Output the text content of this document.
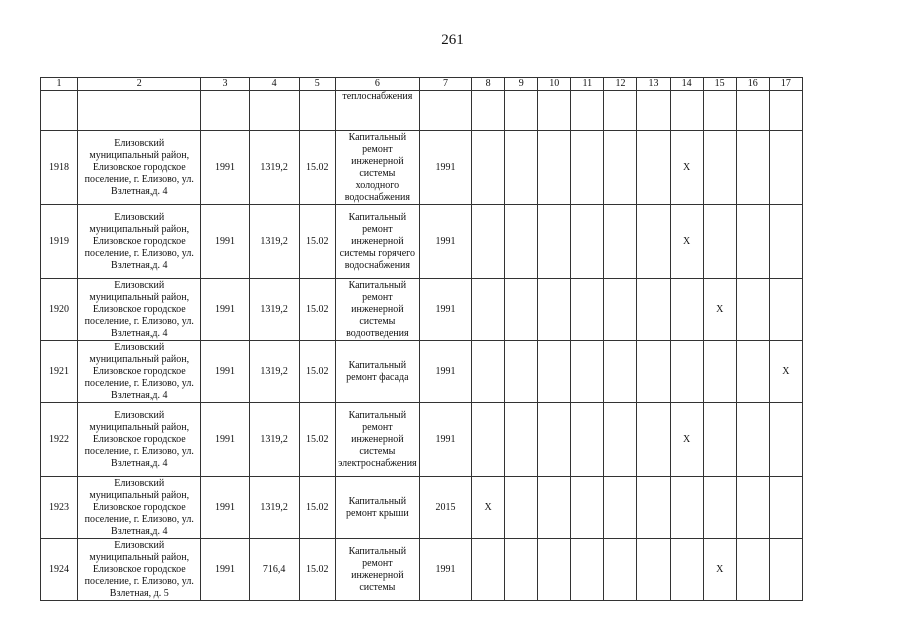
261
1	2	3	4	5	6	7	8	9	10	11	12	13	14	15	16	17
					теплоснабжения											
1918	Елизовский муниципальный район, Елизовское городское поселение, г. Елизово, ул. Взлетная,д. 4	1991	1319,2	15.02	Капитальный ремонт инженерной системы холодного водоснабжения	1991							Х			
1919	Елизовский муниципальный район, Елизовское городское поселение, г. Елизово, ул. Взлетная,д. 4	1991	1319,2	15.02	Капитальный ремонт инженерной системы горячего водоснабжения	1991							Х			
1920	Елизовский муниципальный район, Елизовское городское поселение, г. Елизово, ул. Взлетная,д. 4	1991	1319,2	15.02	Капитальный ремонт инженерной системы водоотведения	1991								Х		
1921	Елизовский муниципальный район, Елизовское городское поселение, г. Елизово, ул. Взлетная,д. 4	1991	1319,2	15.02	Капитальный ремонт фасада	1991										Х
1922	Елизовский муниципальный район, Елизовское городское поселение, г. Елизово, ул. Взлетная,д. 4	1991	1319,2	15.02	Капитальный ремонт инженерной системы электроснабжения	1991							Х			
1923	Елизовский муниципальный район, Елизовское городское поселение, г. Елизово, ул. Взлетная,д. 4	1991	1319,2	15.02	Капитальный ремонт крыши	2015	Х									
1924	Елизовский муниципальный район, Елизовское городское поселение, г. Елизово, ул. Взлетная, д. 5	1991	716,4	15.02	Капитальный ремонт инженерной системы	1991								Х		
